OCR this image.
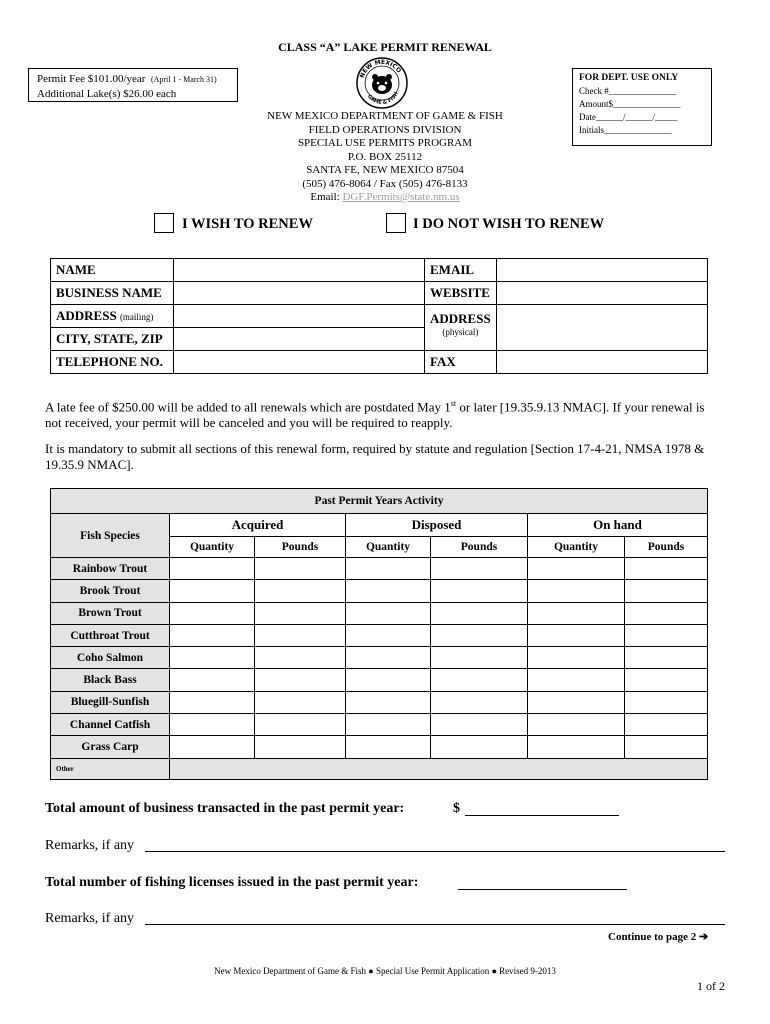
CLASS “A” LAKE PERMIT RENEWAL
Permit Fee $101.00/year (April 1 - March 31)
Additional Lake(s) $26.00 each
NEW MEXICO
GAME & FISH
FOR DEPT. USE ONLY
Check #_______________
Amount$_______________
Date______/______/_____
Initials_______________
NEW MEXICO DEPARTMENT OF GAME & FISH
FIELD OPERATIONS DIVISION
SPECIAL USE PERMITS PROGRAM
P.O. BOX 25112
SANTA FE, NEW MEXICO 87504
(505) 476-8064 / Fax (505) 476-8133
Email: DGF.Permits@state.nm.us
I WISH TO RENEW	I DO NOT WISH TO RENEW
NAME		EMAIL	
BUSINESS NAME		WEBSITE	
ADDRESS (mailing)		ADDRESS
(physical)	

CITY, STATE, ZIP			
TELEPHONE NO.		FAX	
A late fee of $250.00 will be added to all renewals which are postdated May 1st or later [19.35.9.13 NMAC]. If your renewal is not received, your permit will be canceled and you will be required to reapply.
It is mandatory to submit all sections of this renewal form, required by statute and regulation [Section 17-4-21, NMSA 1978 & 19.35.9 NMAC].
Past Permit Years Activity						
Fish Species	Acquired		Disposed		On hand	
	Quantity	Pounds	Quantity	Pounds	Quantity	Pounds
Rainbow Trout						
Brook Trout						
Brown Trout						
Cutthroat Trout						
Coho Salmon						
Black Bass						
Bluegill-Sunfish						
Channel Catfish						
Grass Carp						
Other						
Total amount of business transacted in the past permit year:	$
Remarks, if any
Total number of fishing licenses issued in the past permit year:
Remarks, if any
Continue to page 2 ➔
New Mexico Department of Game & Fish ● Special Use Permit Application ● Revised 9-2013
1 of 2
